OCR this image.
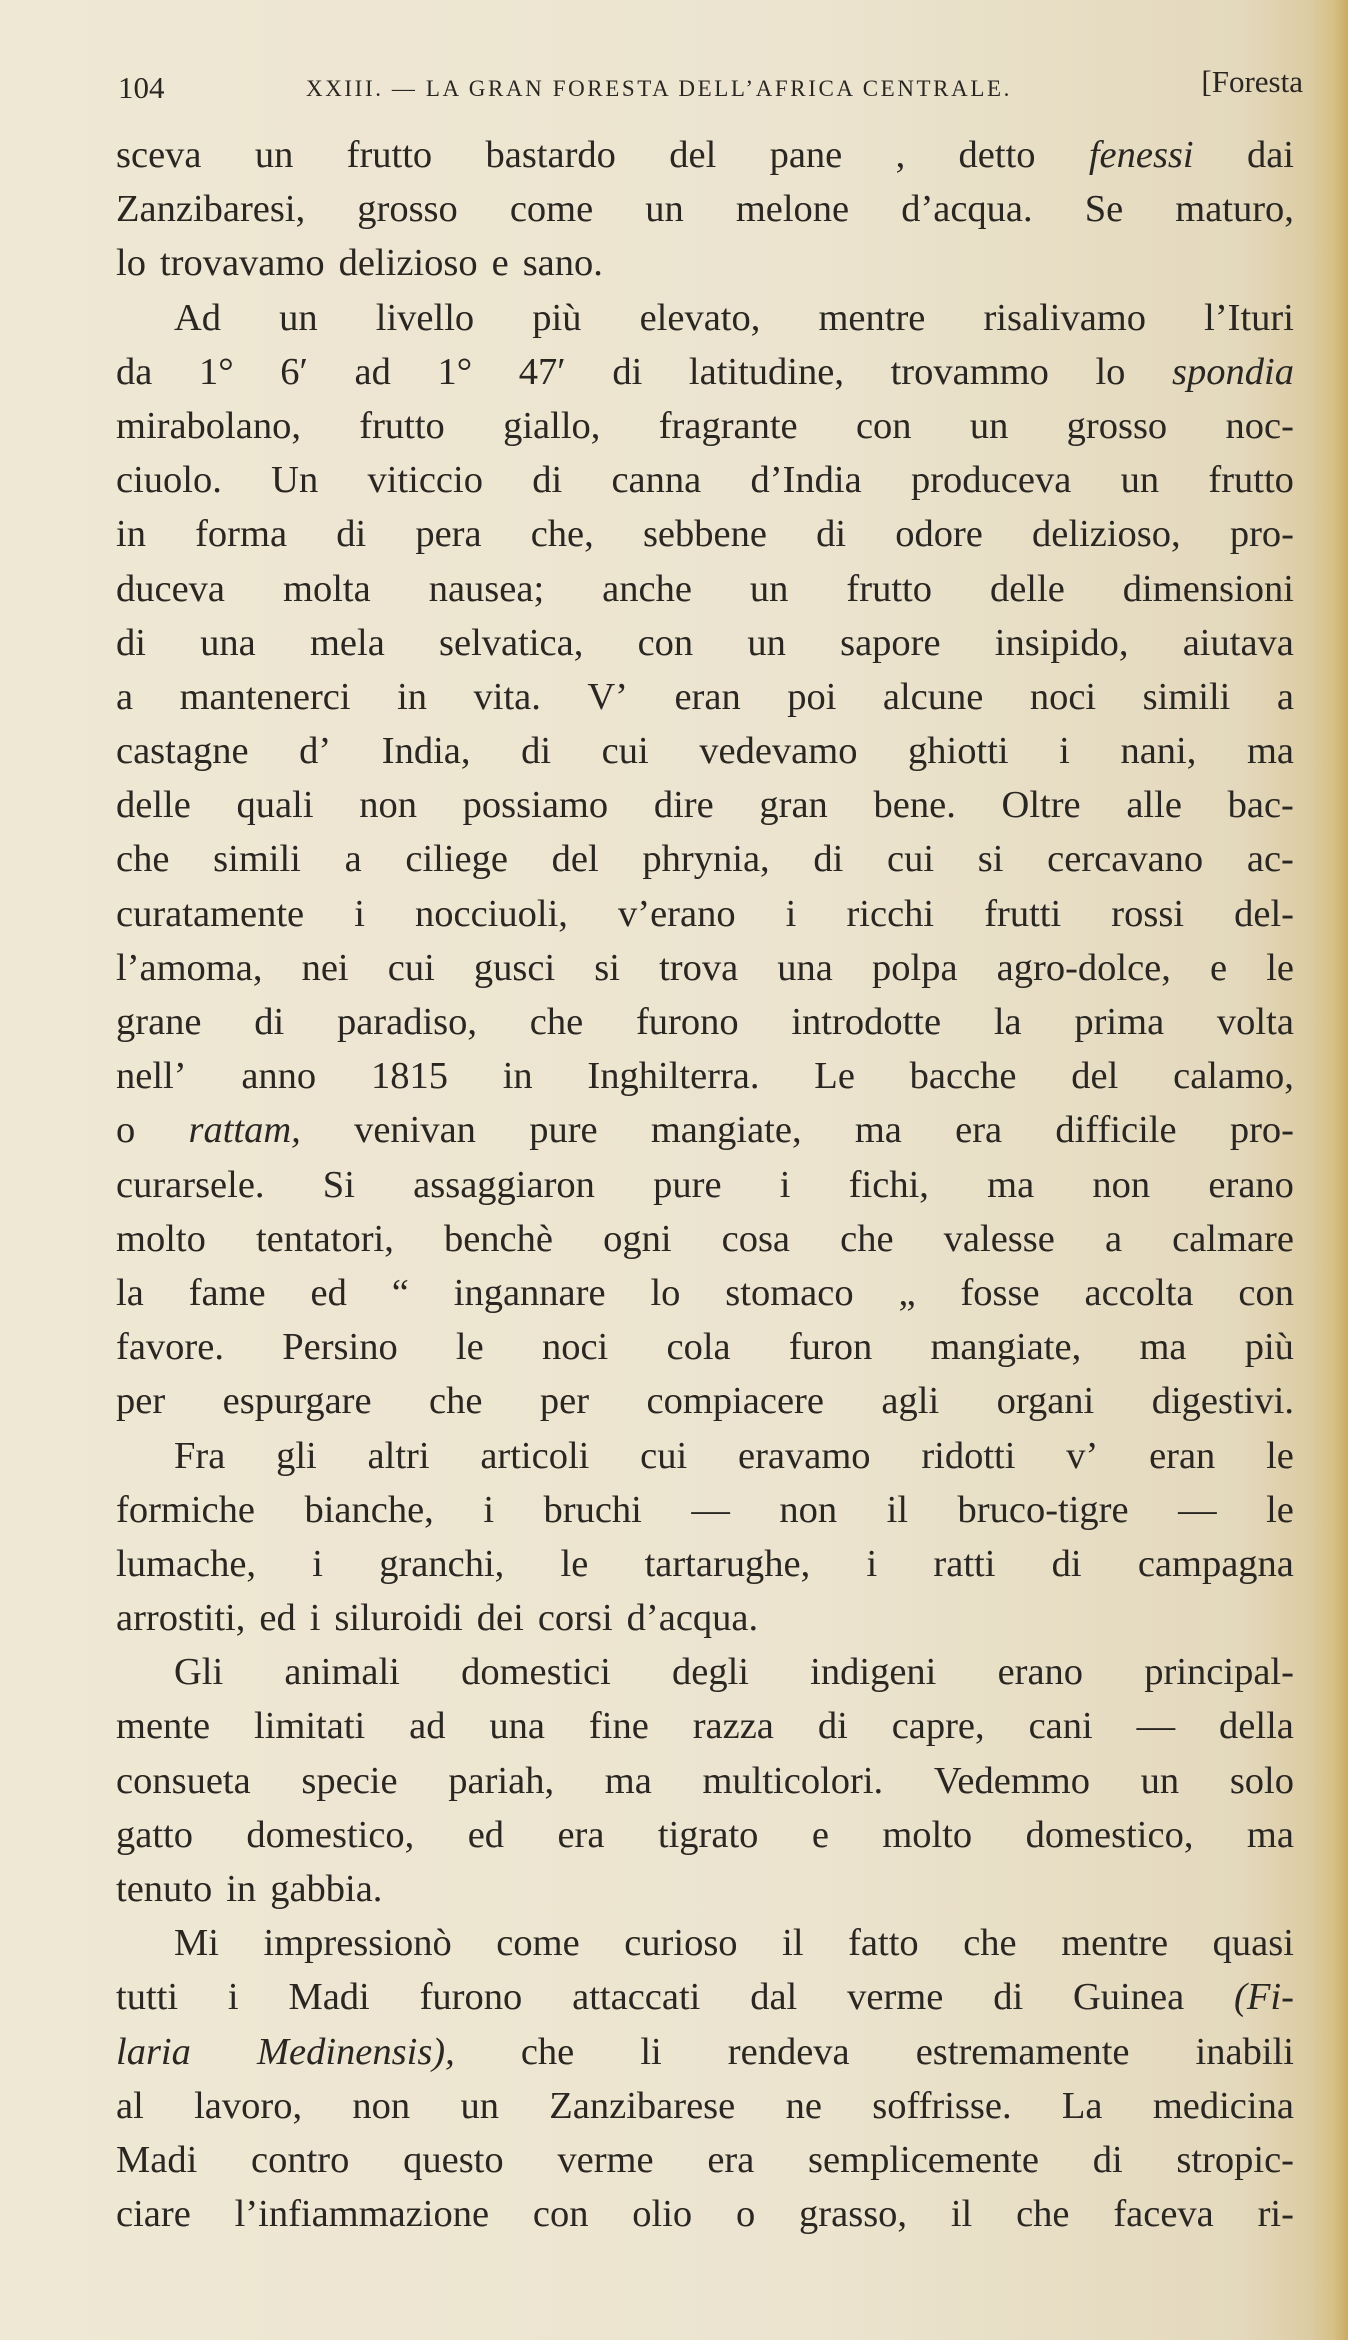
104	XXIII. — LA GRAN FORESTA DELL’AFRICA CENTRALE.	[Foresta
sceva un frutto bastardo del pane , detto fenessi dai
Zanzibaresi, grosso come un melone d’acqua. Se maturo,
lo trovavamo delizioso e sano.
Ad un livello più elevato, mentre risalivamo l’Ituri
da 1° 6′ ad 1° 47′ di latitudine, trovammo lo spondia
mirabolano, frutto giallo, fragrante con un grosso noc-
ciuolo. Un viticcio di canna d’India produceva un frutto
in forma di pera che, sebbene di odore delizioso, pro-
duceva molta nausea; anche un frutto delle dimensioni
di una mela selvatica, con un sapore insipido, aiutava
a mantenerci in vita. V’ eran poi alcune noci simili a
castagne d’ India, di cui vedevamo ghiotti i nani, ma
delle quali non possiamo dire gran bene. Oltre alle bac-
che simili a ciliege del phrynia, di cui si cercavano ac-
curatamente i nocciuoli, v’erano i ricchi frutti rossi del-
l’amoma, nei cui gusci si trova una polpa agro-dolce, e le
grane di paradiso, che furono introdotte la prima volta
nell’ anno 1815 in Inghilterra. Le bacche del calamo,
o rattam, venivan pure mangiate, ma era difficile pro-
curarsele. Si assaggiaron pure i fichi, ma non erano
molto tentatori, benchè ogni cosa che valesse a calmare
la fame ed “ ingannare lo stomaco „ fosse accolta con
favore. Persino le noci cola furon mangiate, ma più
per espurgare che per compiacere agli organi digestivi.
Fra gli altri articoli cui eravamo ridotti v’ eran le
formiche bianche, i bruchi — non il bruco-tigre — le
lumache, i granchi, le tartarughe, i ratti di campagna
arrostiti, ed i siluroidi dei corsi d’acqua.
Gli animali domestici degli indigeni erano principal-
mente limitati ad una fine razza di capre, cani — della
consueta specie pariah, ma multicolori. Vedemmo un solo
gatto domestico, ed era tigrato e molto domestico, ma
tenuto in gabbia.
Mi impressionò come curioso il fatto che mentre quasi
tutti i Madi furono attaccati dal verme di Guinea (Fi-
laria Medinensis), che li rendeva estremamente inabili
al lavoro, non un Zanzibarese ne soffrisse. La medicina
Madi contro questo verme era semplicemente di stropic-
ciare l’infiammazione con olio o grasso, il che faceva ri-
